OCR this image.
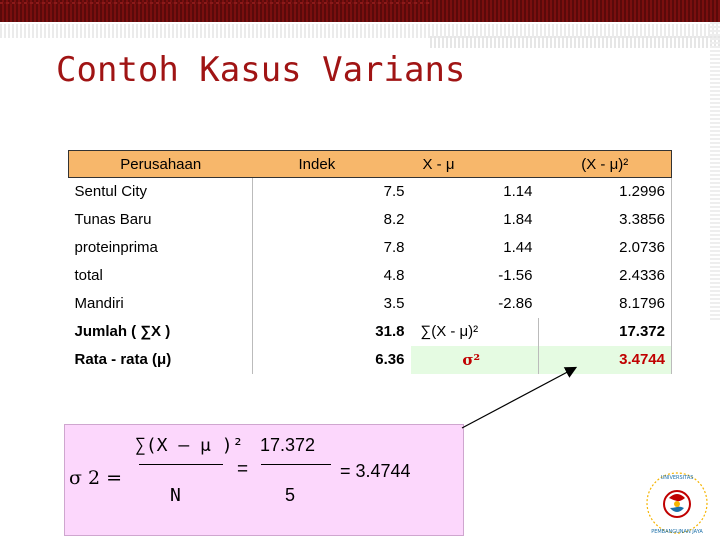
Contoh Kasus Varians
Perusahaan	Indek	X - μ	(X - μ)²
Sentul City	7.5	1.14	1.2996
Tunas Baru	8.2	1.84	3.3856
proteinprima	7.8	1.44	2.0736
total	4.8	-1.56	2.4336
Mandiri	3.5	-2.86	8.1796
Jumlah ( ∑X )	31.8	∑(X - μ)²	17.372
Rata - rata (μ)	6.36	σ²	3.4744
σ 2 =
∑(X – μ )²
N
=
17.372
5
= 3.4744	UNIVERSITAS
PEMBANGUNAN JAYA
